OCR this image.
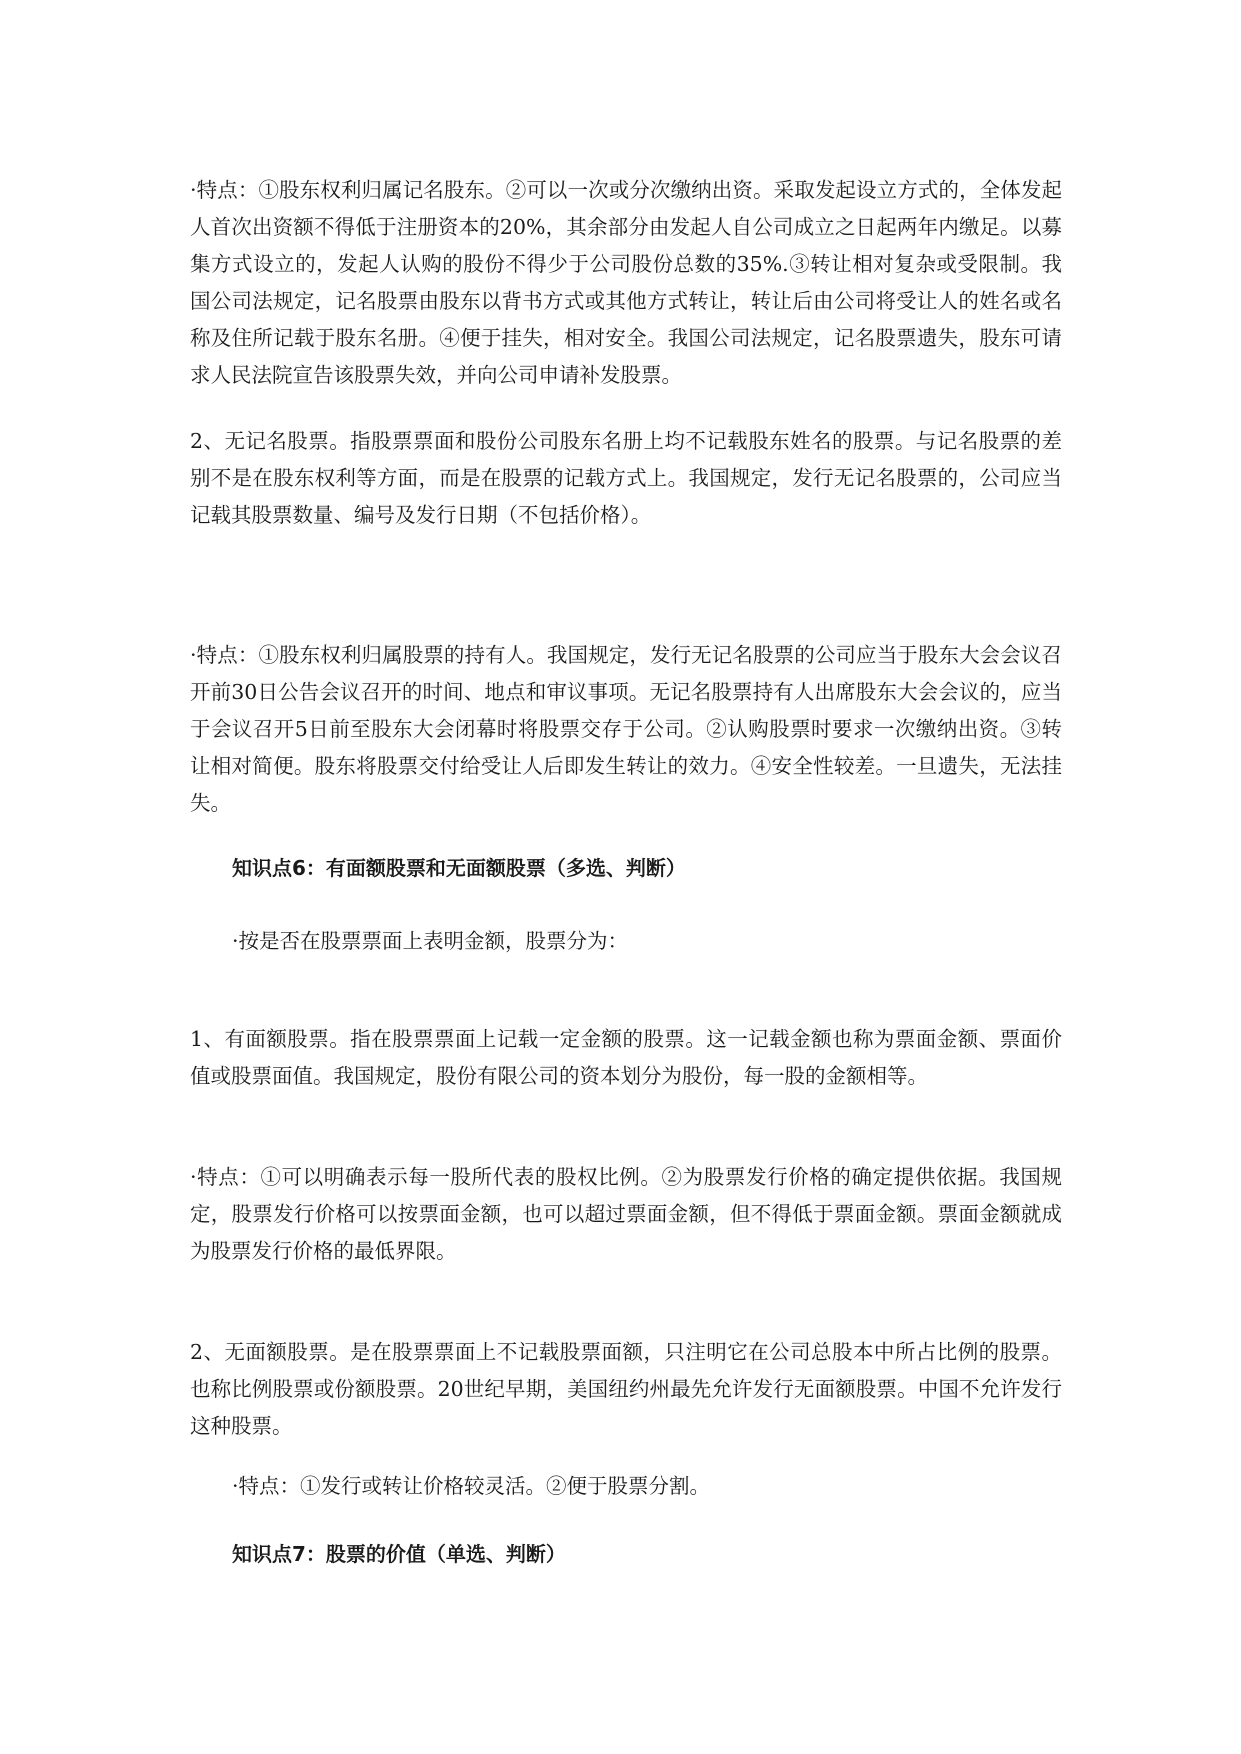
·特点：①股东权利归属记名股东。②可以一次或分次缴纳出资。采取发起设立方式的，全体发起人首次出资额不得低于注册资本的20%，其余部分由发起人自公司成立之日起两年内缴足。以募集方式设立的，发起人认购的股份不得少于公司股份总数的35%.③转让相对复杂或受限制。我国公司法规定，记名股票由股东以背书方式或其他方式转让，转让后由公司将受让人的姓名或名称及住所记载于股东名册。④便于挂失，相对安全。我国公司法规定，记名股票遗失，股东可请求人民法院宣告该股票失效，并向公司申请补发股票。

2、无记名股票。指股票票面和股份公司股东名册上均不记载股东姓名的股票。与记名股票的差别不是在股东权利等方面，而是在股票的记载方式上。我国规定，发行无记名股票的，公司应当记载其股票数量、编号及发行日期（不包括价格）。

·特点：①股东权利归属股票的持有人。我国规定，发行无记名股票的公司应当于股东大会会议召开前30日公告会议召开的时间、地点和审议事项。无记名股票持有人出席股东大会会议的，应当于会议召开5日前至股东大会闭幕时将股票交存于公司。②认购股票时要求一次缴纳出资。③转让相对简便。股东将股票交付给受让人后即发生转让的效力。④安全性较差。一旦遗失，无法挂失。

知识点6：有面额股票和无面额股票（多选、判断）

·按是否在股票票面上表明金额，股票分为：

1、有面额股票。指在股票票面上记载一定金额的股票。这一记载金额也称为票面金额、票面价值或股票面值。我国规定，股份有限公司的资本划分为股份，每一股的金额相等。

·特点：①可以明确表示每一股所代表的股权比例。②为股票发行价格的确定提供依据。我国规定，股票发行价格可以按票面金额，也可以超过票面金额，但不得低于票面金额。票面金额就成为股票发行价格的最低界限。

2、无面额股票。是在股票票面上不记载股票面额，只注明它在公司总股本中所占比例的股票。也称比例股票或份额股票。20世纪早期，美国纽约州最先允许发行无面额股票。中国不允许发行这种股票。

·特点：①发行或转让价格较灵活。②便于股票分割。

知识点7：股票的价值（单选、判断）
